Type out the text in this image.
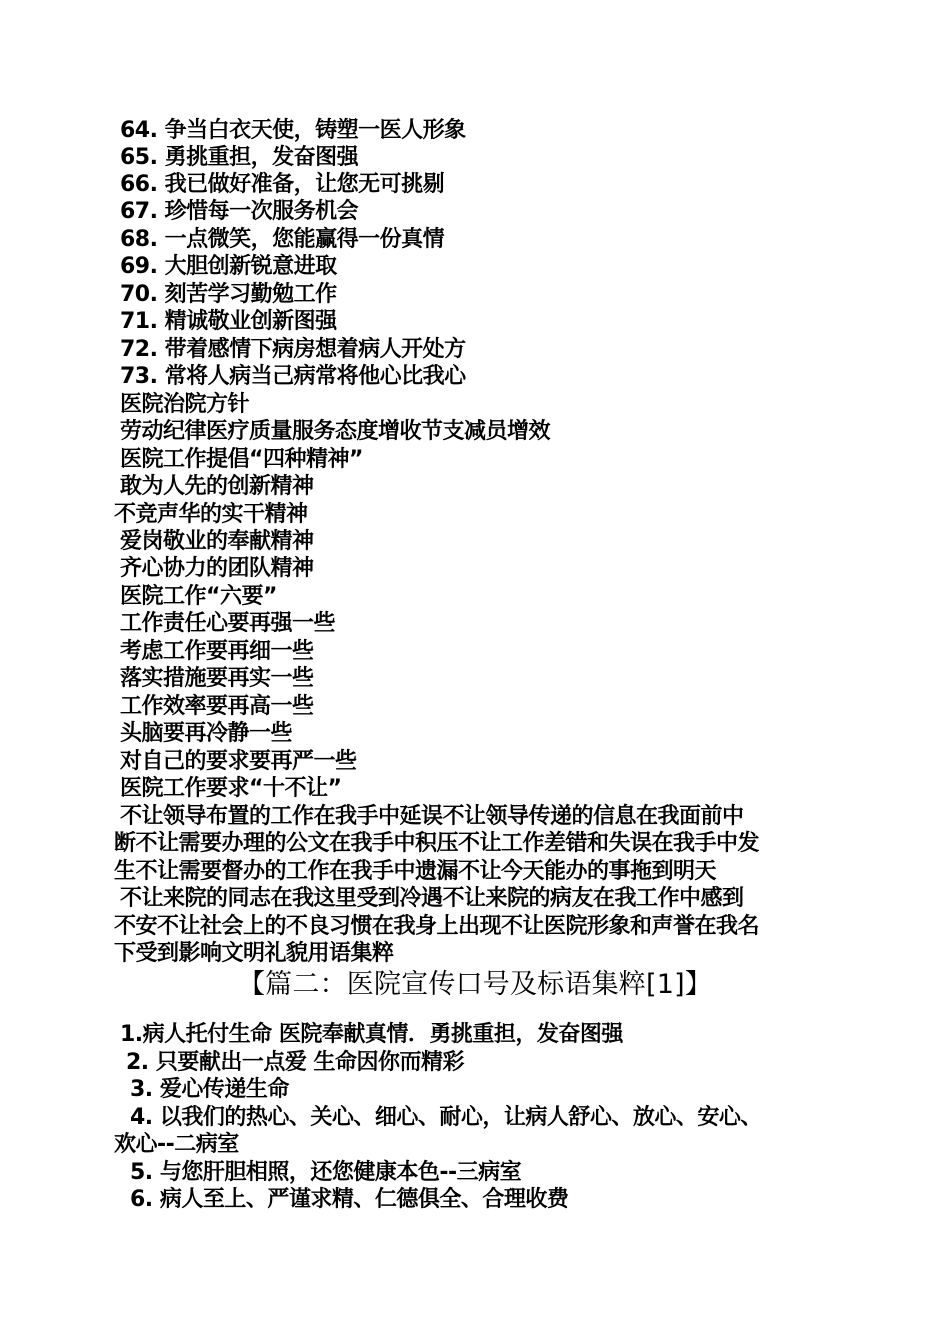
64. 争当白衣天使，铸塑一医人形象
65. 勇挑重担，发奋图强
66. 我已做好准备，让您无可挑剔
67. 珍惜每一次服务机会
68. 一点微笑，您能赢得一份真情
69. 大胆创新锐意进取
70. 刻苦学习勤勉工作
71. 精诚敬业创新图强
72. 带着感情下病房想着病人开处方
73. 常将人病当己病常将他心比我心
医院治院方针
劳动纪律医疗质量服务态度增收节支减员增效
医院工作提倡“四种精神”
敢为人先的创新精神
不竞声华的实干精神
爱岗敬业的奉献精神
齐心协力的团队精神
医院工作“六要”
工作责任心要再强一些
考虑工作要再细一些
落实措施要再实一些
工作效率要再高一些
头脑要再冷静一些
对自己的要求要再严一些
医院工作要求“十不让”
不让领导布置的工作在我手中延误不让领导传递的信息在我面前中
断不让需要办理的公文在我手中积压不让工作差错和失误在我手中发
生不让需要督办的工作在我手中遗漏不让今天能办的事拖到明天
不让来院的同志在我这里受到冷遇不让来院的病友在我工作中感到
不安不让社会上的不良习惯在我身上出现不让医院形象和声誉在我名
下受到影响文明礼貌用语集粹
【篇二：医院宣传口号及标语集粹[1]】
1.病人托付生命 医院奉献真情．勇挑重担，发奋图强
2. 只要献出一点爱 生命因你而精彩
3. 爱心传递生命
4. 以我们的热心、关心、细心、耐心，让病人舒心、放心、安心、
欢心--二病室
5. 与您肝胆相照，还您健康本色--三病室
6. 病人至上、严谨求精、仁德俱全、合理收费
